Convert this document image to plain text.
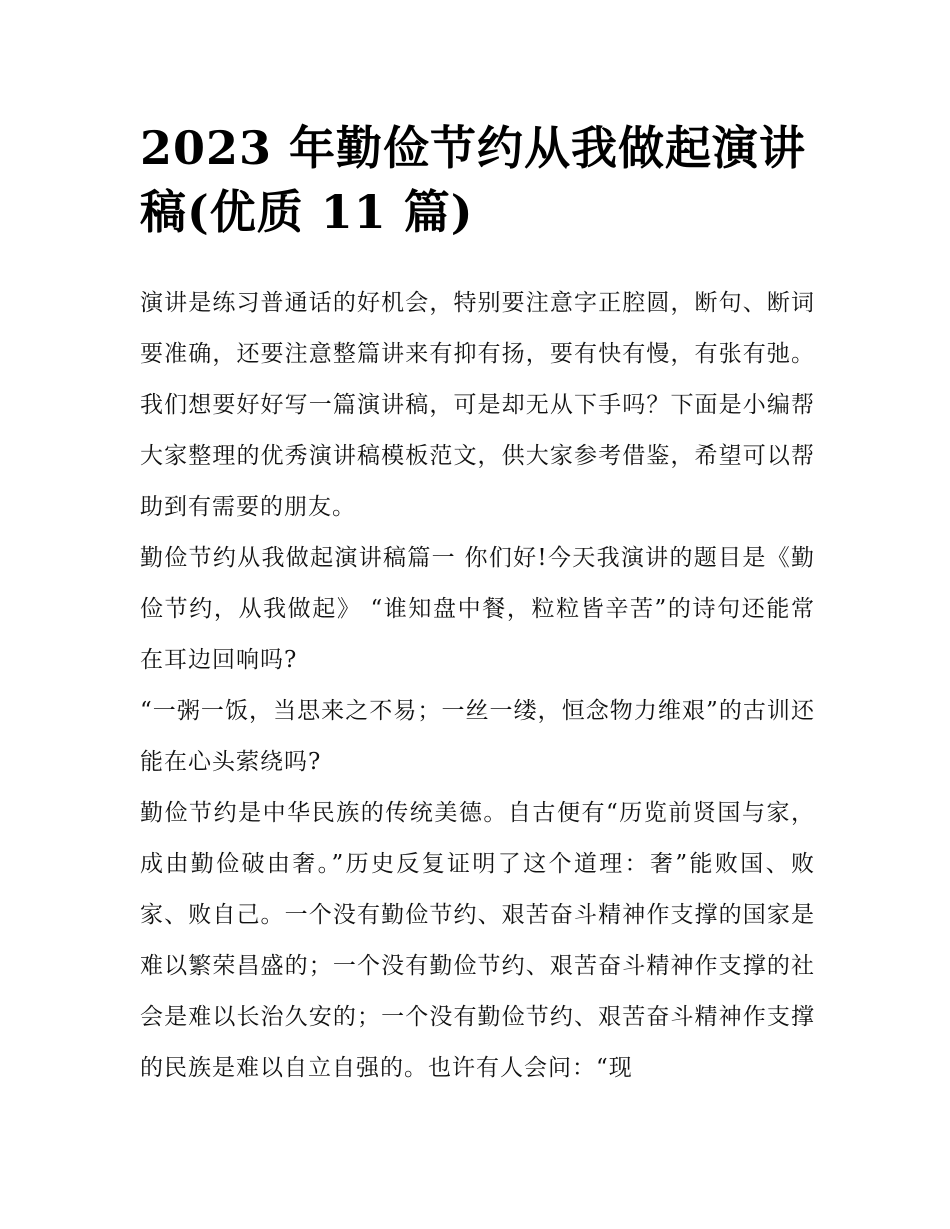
2023 年勤俭节约从我做起演讲稿(优质 11 篇)

演讲是练习普通话的好机会，特别要注意字正腔圆，断句、断词要准确，还要注意整篇讲来有抑有扬，要有快有慢，有张有弛。我们想要好好写一篇演讲稿，可是却无从下手吗？下面是小编帮大家整理的优秀演讲稿模板范文，供大家参考借鉴，希望可以帮助到有需要的朋友。

勤俭节约从我做起演讲稿篇一 你们好!今天我演讲的题目是《勤俭节约，从我做起》 “谁知盘中餐，粒粒皆辛苦”的诗句还能常在耳边回响吗?

“一粥一饭，当思来之不易；一丝一缕，恒念物力维艰”的古训还能在心头萦绕吗?

勤俭节约是中华民族的传统美德。自古便有“历览前贤国与家，成由勤俭破由奢。”历史反复证明了这个道理：奢”能败国、败家、败自己。一个没有勤俭节约、艰苦奋斗精神作支撑的国家是难以繁荣昌盛的；一个没有勤俭节约、艰苦奋斗精神作支撑的社会是难以长治久安的；一个没有勤俭节约、艰苦奋斗精神作支撑的民族是难以自立自强的。也许有人会问：“现
